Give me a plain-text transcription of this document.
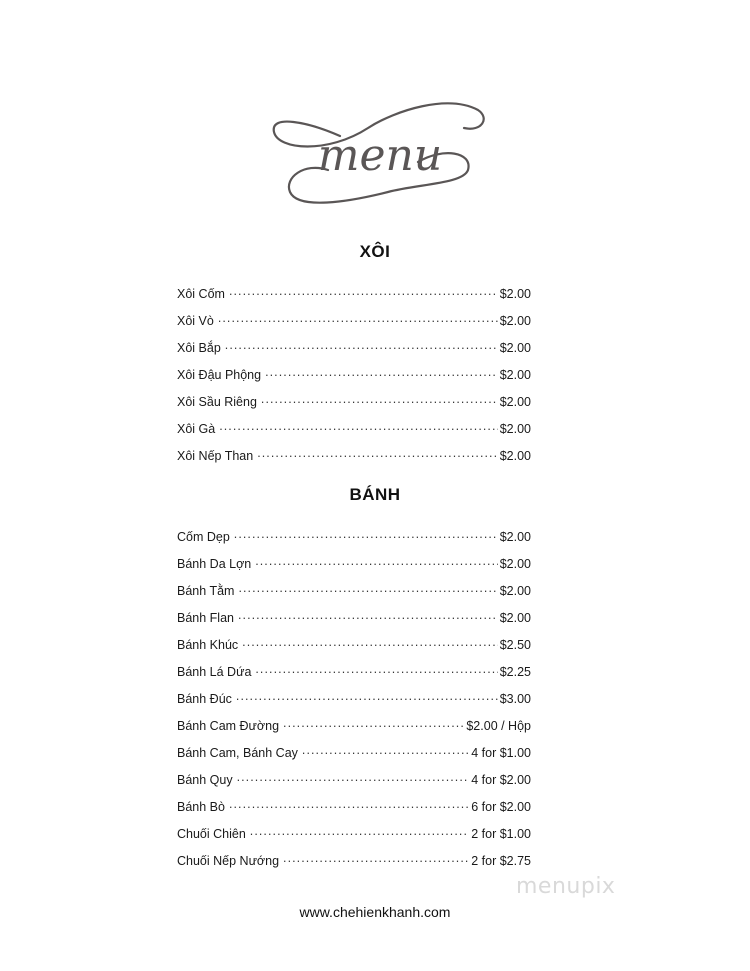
menu
XÔI
Xôi Cốm . . .	$2.00
Xôi Vò . . .	$2.00
Xôi Bắp . . .	$2.00
Xôi Đậu Phộng . . .	$2.00
Xôi Sầu Riêng . . .	$2.00
Xôi Gà . . .	$2.00
Xôi Nếp Than . . .	$2.00
BÁNH
Cốm Dẹp . . .	$2.00
Bánh Da Lợn . . .	$2.00
Bánh Tằm . . .	$2.00
Bánh Flan . . .	$2.00
Bánh Khúc . . .	$2.50
Bánh Lá Dứa . . .	$2.25
Bánh Đúc . . .	$3.00
Bánh Cam Đường . . .	$2.00 / Hộp
Bánh Cam, Bánh Cay . . .	4 for $1.00
Bánh Quy . . .	4 for $2.00
Bánh Bò . . .	6 for $2.00
Chuối Chiên . . .	2 for $1.00
Chuối Nếp Nướng . . .	2 for $2.75
menupix
www.chehienkhanh.com
